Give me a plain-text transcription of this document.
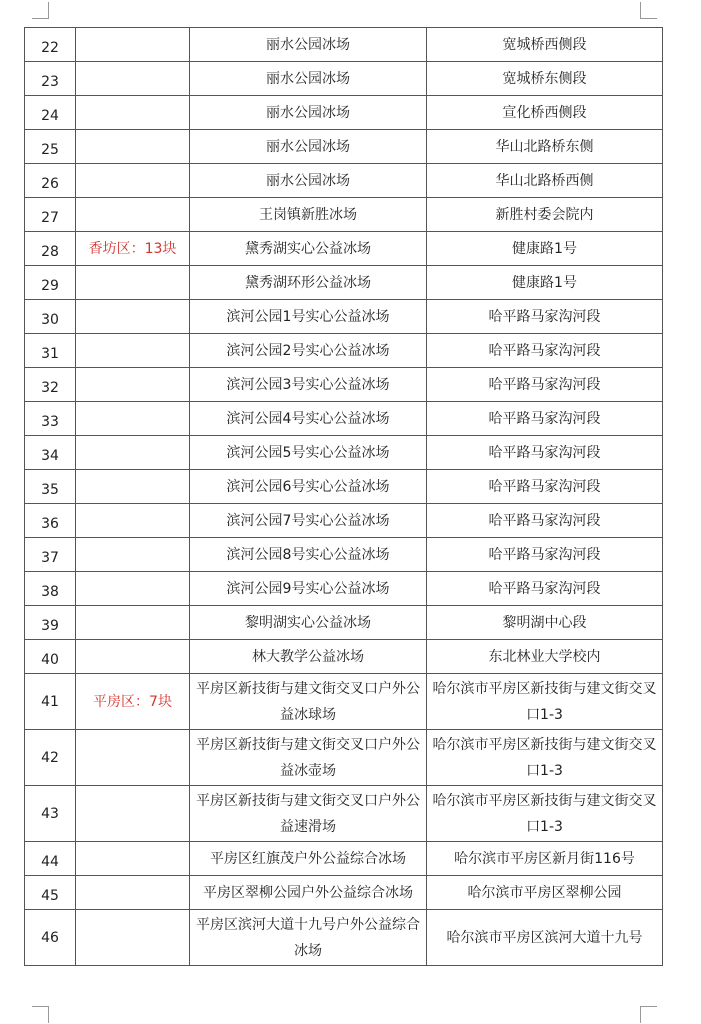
22		丽水公园冰场	宽城桥西侧段
23		丽水公园冰场	宽城桥东侧段
24		丽水公园冰场	宣化桥西侧段
25		丽水公园冰场	华山北路桥东侧
26		丽水公园冰场	华山北路桥西侧
27		王岗镇新胜冰场	新胜村委会院内
28	香坊区：13块	黛秀湖实心公益冰场	健康路1号
29		黛秀湖环形公益冰场	健康路1号
30		滨河公园1号实心公益冰场	哈平路马家沟河段
31		滨河公园2号实心公益冰场	哈平路马家沟河段
32		滨河公园3号实心公益冰场	哈平路马家沟河段
33		滨河公园4号实心公益冰场	哈平路马家沟河段
34		滨河公园5号实心公益冰场	哈平路马家沟河段
35		滨河公园6号实心公益冰场	哈平路马家沟河段
36		滨河公园7号实心公益冰场	哈平路马家沟河段
37		滨河公园8号实心公益冰场	哈平路马家沟河段
38		滨河公园9号实心公益冰场	哈平路马家沟河段
39		黎明湖实心公益冰场	黎明湖中心段
40		林大教学公益冰场	东北林业大学校内
41	平房区：7块	平房区新技街与建文街交叉口户外公益冰球场	哈尔滨市平房区新技街与建文街交叉口1-3
42		平房区新技街与建文街交叉口户外公益冰壶场	哈尔滨市平房区新技街与建文街交叉口1-3
43		平房区新技街与建文街交叉口户外公益速滑场	哈尔滨市平房区新技街与建文街交叉口1-3
44		平房区红旗茂户外公益综合冰场	哈尔滨市平房区新月街116号
45		平房区翠柳公园户外公益综合冰场	哈尔滨市平房区翠柳公园
46		平房区滨河大道十九号户外公益综合冰场	哈尔滨市平房区滨河大道十九号
